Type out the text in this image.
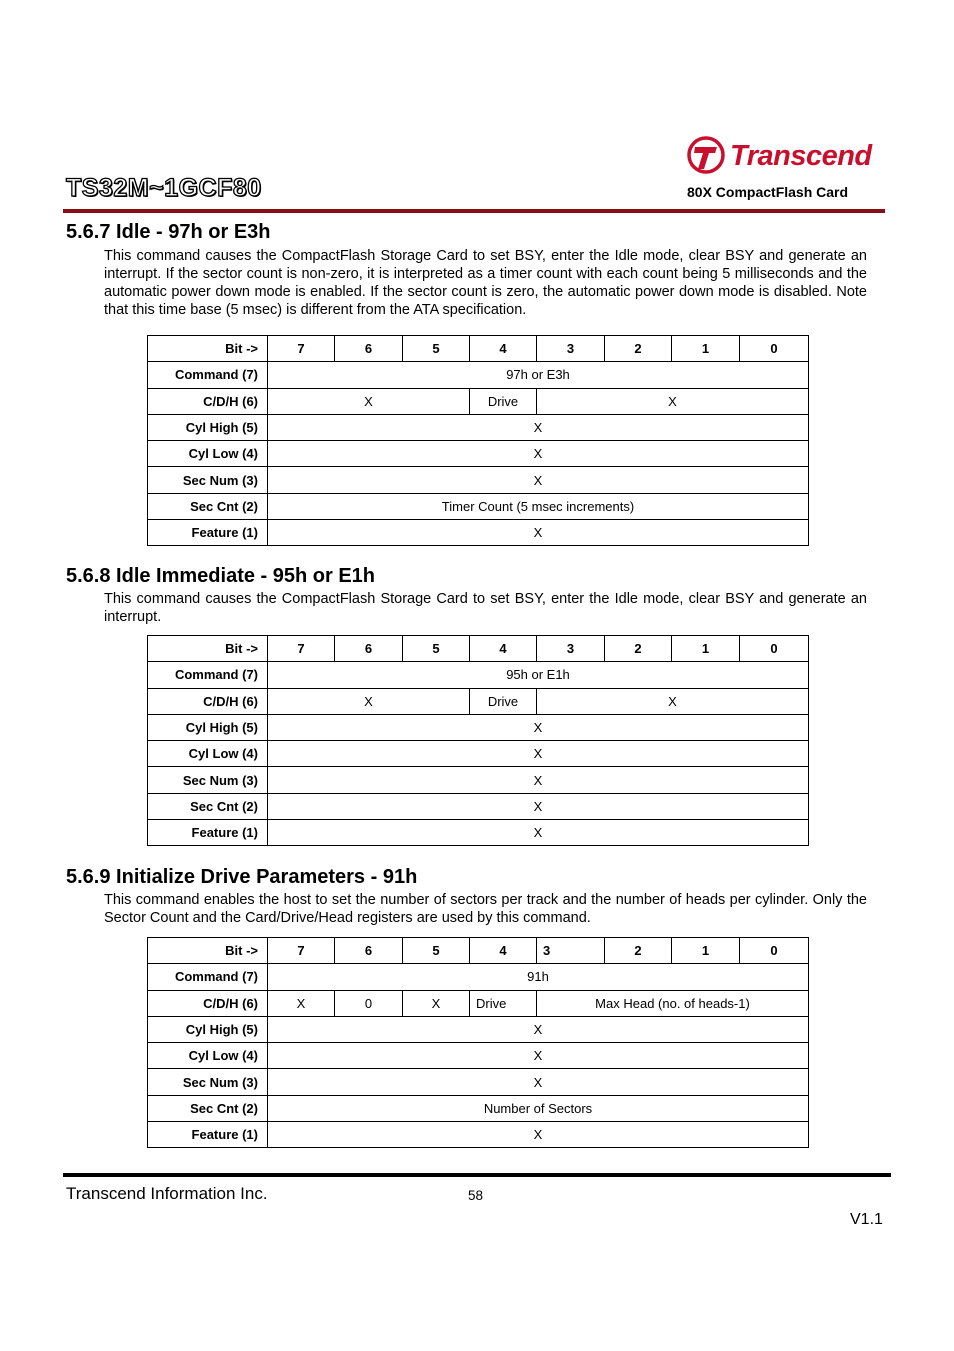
TS32M~1GCF80
Transcend
80X CompactFlash Card
5.6.7 Idle - 97h or E3h
This command causes the CompactFlash Storage Card to set BSY, enter the Idle mode, clear BSY and generate an interrupt. If the sector count is non-zero, it is interpreted as a timer count with each count being 5 milliseconds and the automatic power down mode is enabled. If the sector count is zero, the automatic power down mode is disabled. Note that this time base (5 msec) is different from the ATA specification.
Bit ->	7	6	5	4	3	2	1	0
Command (7)	97h or E3h							
C/D/H (6)	X			Drive	X			
Cyl High (5)	X							
Cyl Low (4)	X							
Sec Num (3)	X							
Sec Cnt (2)	Timer Count (5 msec increments)							
Feature (1)	X							
5.6.8 Idle Immediate - 95h or E1h
This command causes the CompactFlash Storage Card to set BSY, enter the Idle mode, clear BSY and generate an interrupt.
Bit ->	7	6	5	4	3	2	1	0
Command (7)	95h or E1h							
C/D/H (6)	X			Drive	X			
Cyl High (5)	X							
Cyl Low (4)	X							
Sec Num (3)	X							
Sec Cnt (2)	X							
Feature (1)	X							
5.6.9 Initialize Drive Parameters - 91h
This command enables the host to set the number of sectors per track and the number of heads per cylinder. Only the Sector Count and the Card/Drive/Head registers are used by this command.
Bit ->	7	6	5	4	3	2	1	0
Command (7)	91h							
C/D/H (6)	X	0	X	Drive	Max Head (no. of heads-1)			
Cyl High (5)	X							
Cyl Low (4)	X							
Sec Num (3)	X							
Sec Cnt (2)	Number of Sectors							
Feature (1)	X							
Transcend Information Inc.	58
V1.1
